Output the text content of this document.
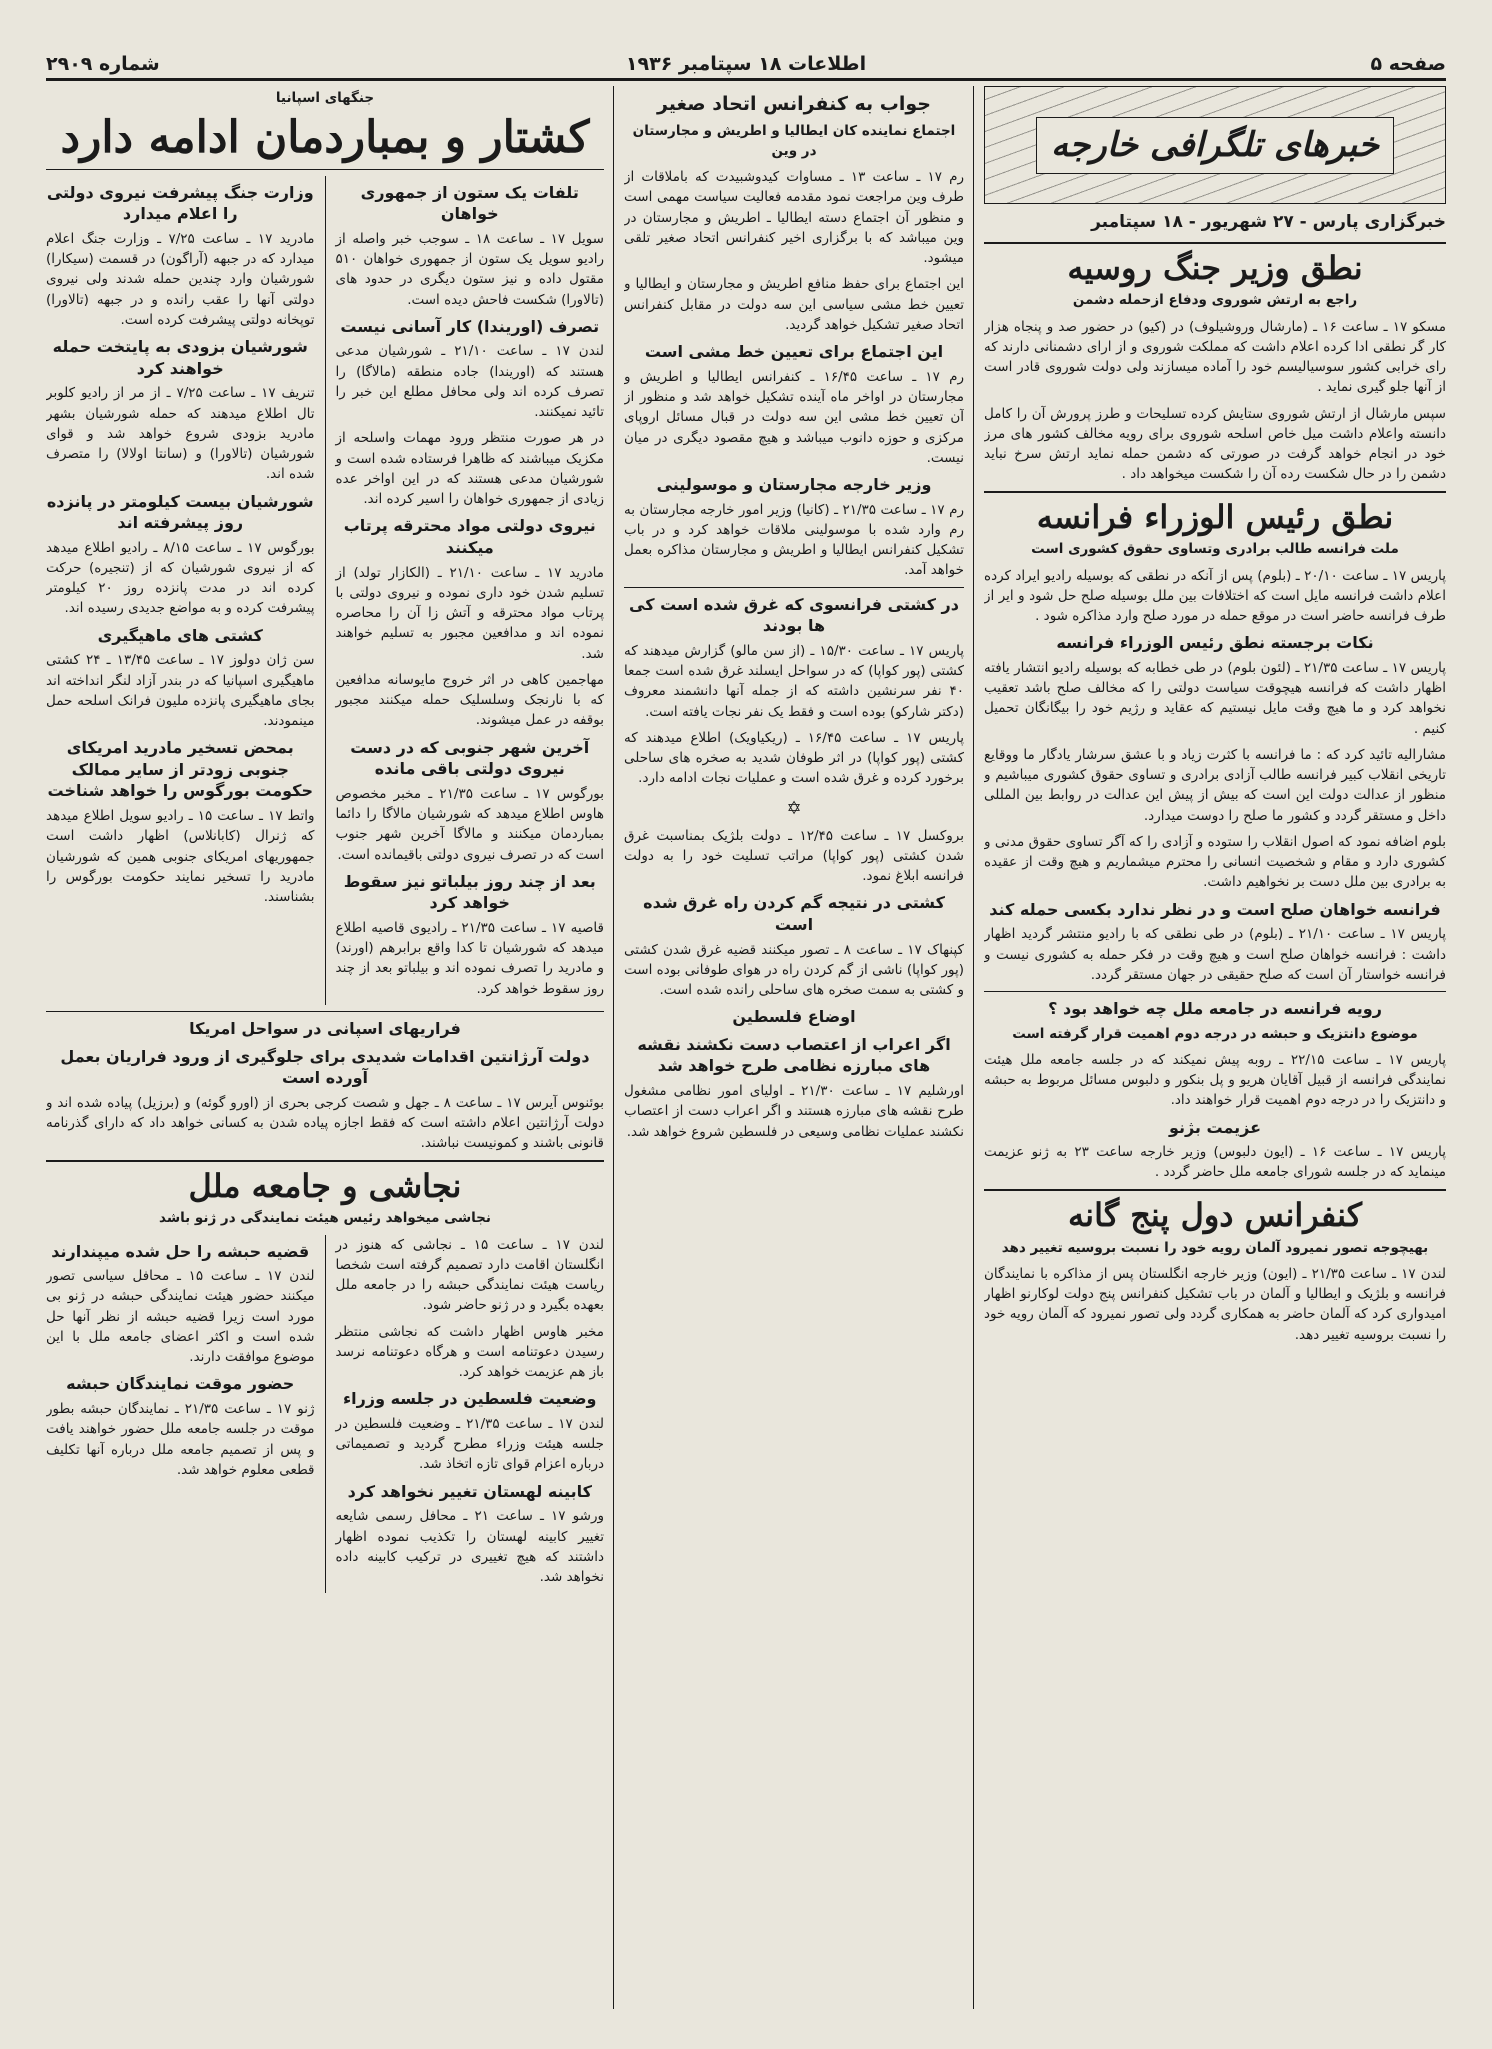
صفحه ۵
اطلاعات ۱۸ سپتامبر ۱۹۳۶
شماره ۲۹۰۹
خبرهای تلگرافی خارجه
خبرگزاری پارس - ۲۷ شهریور - ۱۸ سپتامبر
نطق وزیر جنگ روسیه
راجع به ارتش شوروی ودفاع ازحمله دشمن

مسکو ۱۷ ـ ساعت ۱۶ ـ (مارشال وروشیلوف) در (کیو) در حضور صد و پنجاه هزار کار گر نطقی ادا کرده اعلام داشت که مملکت شوروی و از ارای دشمنانی دارند که رای خرابی کشور سوسیالیسم خود را آماده میسازند ولی دولت شوروی قادر است از آنها جلو گیری نماید .

سپس مارشال از ارتش شوروی ستایش کرده تسلیحات و طرز پرورش آن را کامل دانسته واعلام داشت میل خاص اسلحه شوروی برای رویه مخالف کشور های مرز خود در انجام خواهد گرفت در صورتی که دشمن حمله نماید ارتش سرخ نباید دشمن را در حال شکست رده آن را شکست میخواهد داد .

نطق رئیس الوزراء فرانسه
ملت فرانسه طالب برادری وتساوی حقوق کشوری است

پاریس ۱۷ ـ ساعت ۲۰/۱۰ ـ (بلوم) پس از آنکه در نطقی که بوسیله رادیو ایراد کرده اعلام داشت فرانسه مایل است که اختلافات بین ملل بوسیله صلح حل شود و ایر از طرف فرانسه حاضر است در موقع حمله در مورد صلح وارد مذاکره شود .

نکات برجسته نطق رئیس الوزراء فرانسه

پاریس ۱۷ ـ ساعت ۲۱/۳۵ ـ (لئون بلوم) در طی خطابه که بوسیله رادیو انتشار یافته اظهار داشت که فرانسه هیچوقت سیاست دولتی را که مخالف صلح باشد تعقیب نخواهد کرد و ما هیچ وقت مایل نیستیم که عقاید و رژیم خود را بیگانگان تحمیل کنیم .

مشارالیه تائید کرد که : ما فرانسه با کثرت زیاد و با عشق سرشار یادگار ما ووقایع تاریخی انقلاب کبیر فرانسه طالب آزادی برادری و تساوی حقوق کشوری میباشیم و منظور از عدالت دولت این است که بیش از پیش این عدالت در روابط بین المللی داخل و مستقر گردد و کشور ما صلح را دوست میدارد.

بلوم اضافه نمود که اصول انقلاب را ستوده و آزادی را که آگر تساوی حقوق مدنی و کشوری دارد و مقام و شخصیت انسانی را محترم میشماریم و هیچ وقت از عقیده به برادری بین ملل دست بر نخواهیم داشت.

فرانسه خواهان صلح است و در نظر ندارد بکسی حمله کند

پاریس ۱۷ ـ ساعت ۲۱/۱۰ ـ (بلوم) در طی نطقی که با رادیو منتشر گردید اظهار داشت : فرانسه خواهان صلح است و هیچ وقت در فکر حمله به کشوری نیست و فرانسه خواستار آن است که صلح حقیقی در جهان مستقر گردد.

رویه فرانسه در جامعه ملل چه خواهد بود ؟
موضوع دانتزیک و حبشه در درجه دوم اهمیت قرار گرفته است

پاریس ۱۷ ـ ساعت ۲۲/۱۵ ـ روبه پیش نمیکند که در جلسه جامعه ملل هیئت نمایندگی فرانسه از قبیل آقایان هریو و پل بنکور و دلبوس مسائل مربوط به حبشه و دانتزیک را در درجه دوم اهمیت قرار خواهند داد.

عزیمت بژنو

پاریس ۱۷ ـ ساعت ۱۶ ـ (ایون دلبوس) وزیر خارجه ساعت ۲۳ به ژنو عزیمت مینماید که در جلسه شورای جامعه ملل حاضر گردد .

کنفرانس دول پنج گانه
بهیچوجه تصور نمیرود آلمان رویه خود را نسبت بروسیه تغییر دهد

لندن ۱۷ ـ ساعت ۲۱/۳۵ ـ (ایون) وزیر خارجه انگلستان پس از مذاکره با نمایندگان فرانسه و بلژیک و ایطالیا و آلمان در باب تشکیل کنفرانس پنج دولت لوکارنو اظهار امیدواری کرد که آلمان حاضر به همکاری گردد ولی تصور نمیرود که آلمان رویه خود را نسبت بروسیه تغییر دهد.

جواب به کنفرانس اتحاد صغیر
اجتماع نماینده کان ایطالیا و اطریش و مجارستان در وین

رم ۱۷ ـ ساعت ۱۳ ـ مساوات کیدوشبیدت که باملاقات از طرف وین مراجعت نمود مقدمه فعالیت سیاست مهمی است و منظور آن اجتماع دسته ایطالیا ـ اطریش و مجارستان در وین میباشد که با برگزاری اخیر کنفرانس اتحاد صغیر تلقی میشود.

این اجتماع برای حفظ منافع اطریش و مجارستان و ایطالیا و تعیین خط مشی سیاسی این سه دولت در مقابل کنفرانس اتحاد صغیر تشکیل خواهد گردید.

این اجتماع برای تعیین خط مشی است

رم ۱۷ ـ ساعت ۱۶/۴۵ ـ کنفرانس ایطالیا و اطریش و مجارستان در اواخر ماه آینده تشکیل خواهد شد و منظور از آن تعیین خط مشی این سه دولت در قبال مسائل اروپای مرکزی و حوزه دانوب میباشد و هیچ مقصود دیگری در میان نیست.

وزیر خارجه مجارستان و موسولینی

رم ۱۷ ـ ساعت ۲۱/۳۵ ـ (کانیا) وزیر امور خارجه مجارستان به رم وارد شده با موسولینی ملاقات خواهد کرد و در باب تشکیل کنفرانس ایطالیا و اطریش و مجارستان مذاکره بعمل خواهد آمد.

در کشتی فرانسوی که غرق شده است کی ها بودند

پاریس ۱۷ ـ ساعت ۱۵/۳۰ ـ (از سن مالو) گزارش میدهند که کشتی (پور کواپا) که در سواحل ایسلند غرق شده است جمعا ۴۰ نفر سرنشین داشته که از جمله آنها دانشمند معروف (دکتر شارکو) بوده است و فقط یک نفر نجات یافته است.

پاریس ۱۷ ـ ساعت ۱۶/۴۵ ـ (ریکیاویک) اطلاع میدهند که کشتی (پور کواپا) در اثر طوفان شدید به صخره های ساحلی برخورد کرده و غرق شده است و عملیات نجات ادامه دارد.

✡

بروکسل ۱۷ ـ ساعت ۱۲/۴۵ ـ دولت بلژیک بمناسبت غرق شدن کشتی (پور کواپا) مراتب تسلیت خود را به دولت فرانسه ابلاغ نمود.

کشتی در نتیجه گم کردن راه غرق شده است

کپنهاک ۱۷ ـ ساعت ۸ ـ تصور میکنند قضیه غرق شدن کشتی (پور کواپا) ناشی از گم کردن راه در هوای طوفانی بوده است و کشتی به سمت صخره های ساحلی رانده شده است.

اوضاع فلسطین
اگر اعراب از اعتصاب دست نکشند نقشه های مبارزه نظامی طرح خواهد شد

اورشلیم ۱۷ ـ ساعت ۲۱/۳۰ ـ اولیای امور نظامی مشغول طرح نقشه های مبارزه هستند و اگر اعراب دست از اعتصاب نکشند عملیات نظامی وسیعی در فلسطین شروع خواهد شد.

جنگهای اسپانیا
کشتار و بمباردمان ادامه دارد
تلفات یک ستون از جمهوری خواهان

سویل ۱۷ ـ ساعت ۱۸ ـ سوجب خبر واصله از رادیو سویل یک ستون از جمهوری خواهان ۵۱۰ مقتول داده و نیز ستون دیگری در حدود های (تالاورا) شکست فاحش دیده است.

تصرف (اوریندا) کار آسانی نیست

لندن ۱۷ ـ ساعت ۲۱/۱۰ ـ شورشیان مدعی هستند که (اوریندا) جاده منطقه (مالاگا) را تصرف کرده اند ولی محافل مطلع این خبر را تائید نمیکنند.

در هر صورت منتظر ورود مهمات واسلحه از مکزیک میباشند که ظاهرا فرستاده شده است و شورشیان مدعی هستند که در این اواخر عده زیادی از جمهوری خواهان را اسیر کرده اند.

نیروی دولتی مواد محترقه پرتاب میکنند

مادرید ۱۷ ـ ساعت ۲۱/۱۰ ـ (الکازار تولد) از تسلیم شدن خود داری نموده و نیروی دولتی با پرتاب مواد محترقه و آتش زا آن را محاصره نموده اند و مدافعین مجبور به تسلیم خواهند شد.

مهاجمین کاهی در اثر خروج مایوسانه مدافعین که با نارنجک وسلسلیک حمله میکنند مجبور بوقفه در عمل میشوند.

آخرین شهر جنوبی که در دست نیروی دولتی باقی مانده

بورگوس ۱۷ ـ ساعت ۲۱/۳۵ ـ مخبر مخصوص هاوس اطلاع میدهد که شورشیان مالاگا را دائما بمباردمان میکنند و مالاگا آخرین شهر جنوب است که در تصرف نیروی دولتی باقیمانده است.

بعد از چند روز بیلباتو نیز سقوط خواهد کرد

قاصیه ۱۷ ـ ساعت ۲۱/۳۵ ـ رادیوی قاصیه اطلاع میدهد که شورشیان تا کدا واقع برابرهم (اورند) و مادرید را تصرف نموده اند و بیلباتو بعد از چند روز سقوط خواهد کرد.

وزارت جنگ پیشرفت نیروی دولتی را اعلام میدارد

مادرید ۱۷ ـ ساعت ۷/۲۵ ـ وزارت جنگ اعلام میدارد که در جبهه (آراگون) در قسمت (سیکارا) شورشیان وارد چندین حمله شدند ولی نیروی دولتی آنها را عقب رانده و در جبهه (تالاورا) توپخانه دولتی پیشرفت کرده است.

شورشیان بزودی به پایتخت حمله خواهند کرد

تنریف ۱۷ ـ ساعت ۷/۲۵ ـ از مر از رادیو کلوبر تال اطلاع میدهند که حمله شورشیان بشهر مادرید بزودی شروع خواهد شد و قوای شورشیان (تالاورا) و (سانتا اولالا) را متصرف شده اند.

شورشیان بیست کیلومتر در پانزده روز پیشرفته اند

بورگوس ۱۷ ـ ساعت ۸/۱۵ ـ رادیو اطلاع میدهد که از نیروی شورشیان که از (تنجیره) حرکت کرده اند در مدت پانزده روز ۲۰ کیلومتر پیشرفت کرده و به مواضع جدیدی رسیده اند.

کشتی های ماهیگیری

سن ژان دولوز ۱۷ ـ ساعت ۱۳/۴۵ ـ ۲۴ کشتی ماهیگیری اسپانیا که در بندر آزاد لنگر انداخته اند بجای ماهیگیری پانزده ملیون فرانک اسلحه حمل مینمودند.

بمحض تسخیر مادرید امریکای جنوبی زودتر از سایر ممالک حکومت بورگوس را خواهد شناخت

واتط ۱۷ ـ ساعت ۱۵ ـ رادیو سویل اطلاع میدهد که ژنرال (کابانلاس) اظهار داشت است جمهوریهای امریکای جنوبی همین که شورشیان مادرید را تسخیر نمایند حکومت بورگوس را بشناسند.

فراریهای اسپانی در سواحل امریکا
دولت آرژانتین اقدامات شدیدی برای جلوگیری از ورود فراریان بعمل آورده است

بوئنوس آیرس ۱۷ ـ ساعت ۸ ـ جهل و شصت کرجی بحری از (اورو گوئه) و (برزیل) پیاده شده اند و دولت آرژانتین اعلام داشته است که فقط اجازه پیاده شدن به کسانی خواهد داد که دارای گذرنامه قانونی باشند و کمونیست نباشند.

نجاشی و جامعه ملل
نجاشی میخواهد رئیس هیئت نمایندگی در ژنو باشد

لندن ۱۷ ـ ساعت ۱۵ ـ نجاشی که هنوز در انگلستان اقامت دارد تصمیم گرفته است شخصا ریاست هیئت نمایندگی حبشه را در جامعه ملل بعهده بگیرد و در ژنو حاضر شود.

مخبر هاوس اظهار داشت که نجاشی منتظر رسیدن دعوتنامه است و هرگاه دعوتنامه نرسد باز هم عزیمت خواهد کرد.

وضعیت فلسطین در جلسه وزراء

لندن ۱۷ ـ ساعت ۲۱/۳۵ ـ وضعیت فلسطین در جلسه هیئت وزراء مطرح گردید و تصمیماتی درباره اعزام قوای تازه اتخاذ شد.

کابینه لهستان تغییر نخواهد کرد

ورشو ۱۷ ـ ساعت ۲۱ ـ محافل رسمی شایعه تغییر کابینه لهستان را تکذیب نموده اظهار داشتند که هیچ تغییری در ترکیب کابینه داده نخواهد شد.

قضیه حبشه را حل شده میپندارند

لندن ۱۷ ـ ساعت ۱۵ ـ محافل سیاسی تصور میکنند حضور هیئت نمایندگی حبشه در ژنو بی مورد است زیرا قضیه حبشه از نظر آنها حل شده است و اکثر اعضای جامعه ملل با این موضوع موافقت دارند.

حضور موقت نمایندگان حبشه

ژنو ۱۷ ـ ساعت ۲۱/۳۵ ـ نمایندگان حبشه بطور موقت در جلسه جامعه ملل حضور خواهند یافت و پس از تصمیم جامعه ملل درباره آنها تکلیف قطعی معلوم خواهد شد.
